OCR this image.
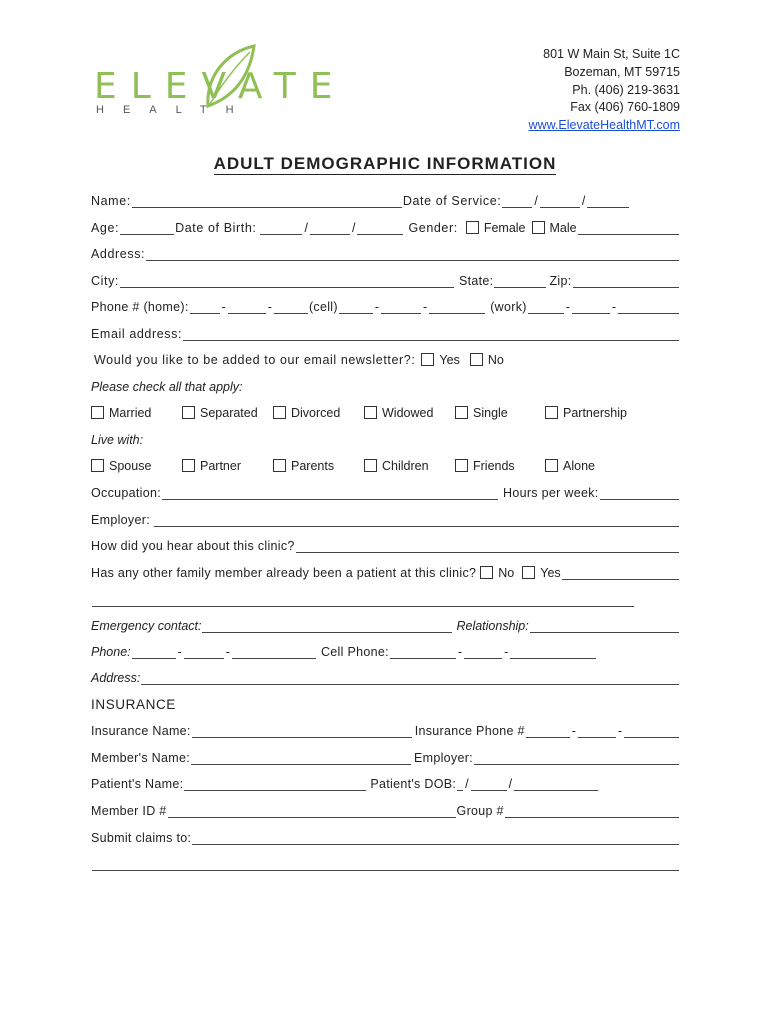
ELEVATE
HEALTH
801 W Main St, Suite 1C
Bozeman, MT 59715
Ph. (406) 219-3631
Fax (406) 760-1809
www.ElevateHealthMT.com
ADULT DEMOGRAPHIC INFORMATION
Name:	Date of Service:	/	/
Age:	Date of Birth:	/	/	Gender: Female Male
Address:
City:	State:	Zip:
Phone # (home):	-	-	(cell)	-	-	(work)	-	-
Email address:
Would you like to be added to our email newsletter?: Yes No
Please check all that apply:
Married	Separated	Divorced	Widowed	Single	Partnership
Live with:
Spouse	Partner	Parents	Children	Friends	Alone
Occupation:	Hours per week:
Employer:
How did you hear about this clinic?
Has any other family member already been a patient at this clinic? No Yes
Emergency contact:	Relationship:
Phone:	-	-	Cell Phone:	-	-
Address:
INSURANCE
Insurance Name:	Insurance Phone #	-	-
Member's Name:	Employer:
Patient's Name:	Patient's DOB: /	/
Member ID #	Group #
Submit claims to:
